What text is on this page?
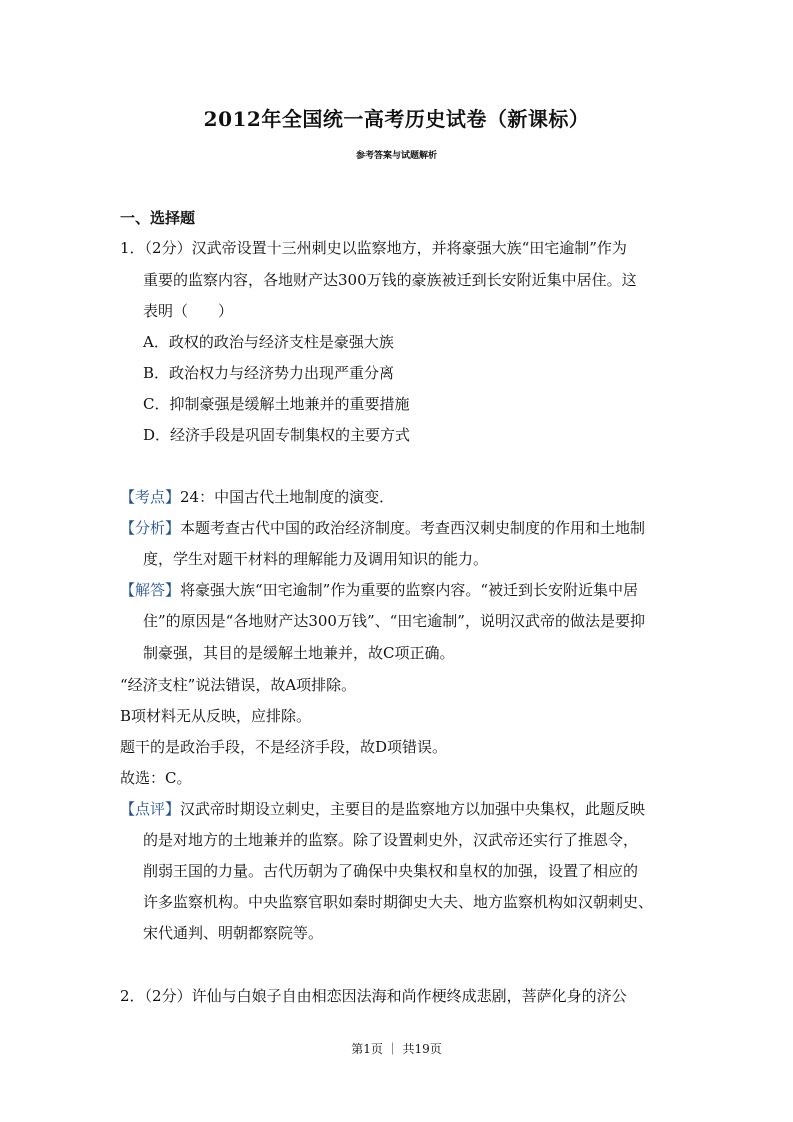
2012年全国统一高考历史试卷（新课标）
参考答案与试题解析
一、选择题
1．（2分）汉武帝设置十三州刺史以监察地方，并将豪强大族“田宅逾制”作为
重要的监察内容，各地财产达300万钱的豪族被迁到长安附近集中居住。这
表明（　　）
A．政权的政治与经济支柱是豪强大族
B．政治权力与经济势力出现严重分离
C．抑制豪强是缓解土地兼并的重要措施
D．经济手段是巩固专制集权的主要方式
【考点】24：中国古代土地制度的演变．
【分析】本题考查古代中国的政治经济制度。考查西汉刺史制度的作用和土地制
度，学生对题干材料的理解能力及调用知识的能力。
【解答】将豪强大族“田宅逾制”作为重要的监察内容。“被迁到长安附近集中居
住”的原因是“各地财产达300万钱”、“田宅逾制”，说明汉武帝的做法是要抑
制豪强，其目的是缓解土地兼并，故C项正确。
“经济支柱”说法错误，故A项排除。
B项材料无从反映，应排除。
题干的是政治手段，不是经济手段，故D项错误。
故选：C。
【点评】汉武帝时期设立刺史，主要目的是监察地方以加强中央集权，此题反映
的是对地方的土地兼并的监察。除了设置刺史外，汉武帝还实行了推恩令，
削弱王国的力量。古代历朝为了确保中央集权和皇权的加强，设置了相应的
许多监察机构。中央监察官职如秦时期御史大夫、地方监察机构如汉朝刺史、
宋代通判、明朝都察院等。
2．（2分）许仙与白娘子自由相恋因法海和尚作梗终成悲剧，菩萨化身的济公
第1页 ｜ 共19页
